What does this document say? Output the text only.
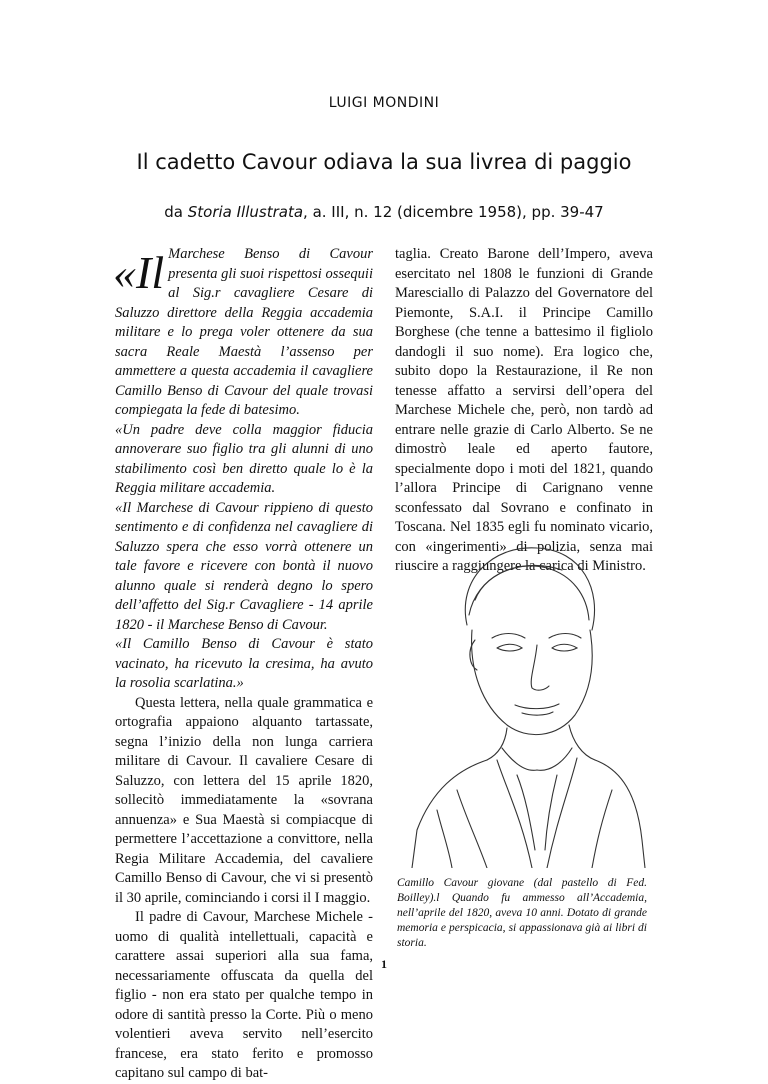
LUIGI MONDINI
Il cadetto Cavour odiava la sua livrea di paggio
da Storia Illustrata, a. III, n. 12 (dicembre 1958), pp. 39-47

«Il Marchese Benso di Cavour presenta gli suoi rispettosi ossequii al Sig.r cavagliere Cesare di Saluzzo direttore della Reggia accademia militare e lo prega voler ottenere da sua sacra Reale Maestà l’assenso per ammettere a questa accademia il cavagliere Camillo Benso di Cavour del quale trovasi compiegata la fede di batesimo.

«Un padre deve colla maggior fiducia annoverare suo figlio tra gli alunni di uno stabilimento così ben diretto quale lo è la Reggia militare accademia.

«Il Marchese di Cavour rippieno di questo sentimento e di confidenza nel cavagliere di Saluzzo spera che esso vorrà ottenere un tale favore e ricevere con bontà il nuovo alunno quale si renderà degno lo spero dell’affetto del Sig.r Cavagliere - 14 aprile 1820 - il Marchese Benso di Cavour.

«Il Camillo Benso di Cavour è stato vacinato, ha ricevuto la cresima, ha avuto la rosolia scarlatina.»

Questa lettera, nella quale grammatica e ortografia appaiono alquanto tartassate, segna l’inizio della non lunga carriera militare di Cavour. Il cavaliere Cesare di Saluzzo, con lettera del 15 aprile 1820, sollecitò immediatamente la «sovrana annuenza» e Sua Maestà si compiacque di permettere l’accettazione a convittore, nella Regia Militare Accademia, del cavaliere Camillo Benso di Cavour, che vi si presentò il 30 aprile, cominciando i corsi il I maggio.

Il padre di Cavour, Marchese Michele - uomo di qualità intellettuali, capacità e carattere assai superiori alla sua fama, necessariamente offuscata da quella del figlio - non era stato per qualche tempo in odore di santità presso la Corte. Più o meno volentieri aveva servito nell’esercito francese, era stato ferito e promosso capitano sul campo di bat-

taglia. Creato Barone dell’Impero, aveva esercitato nel 1808 le funzioni di Grande Maresciallo di Palazzo del Governatore del Piemonte, S.A.I. il Principe Camillo Borghese (che tenne a battesimo il figliolo dandogli il suo nome). Era logico che, subito dopo la Restaurazione, il Re non tenesse affatto a servirsi dell’opera del Marchese Michele che, però, non tardò ad entrare nelle grazie di Carlo Alberto. Se ne dimostrò leale ed aperto fautore, specialmente dopo i moti del 1821, quando l’allora Principe di Carignano venne sconfessato dal Sovrano e confinato in Toscana. Nel 1835 egli fu nominato vicario, con «ingerimenti» di polizia, senza mai riuscire a raggiungere la carica di Ministro.

Camillo Cavour giovane (dal pastello di Fed. Boilley).l Quando fu ammesso all’Accademia, nell’aprile del 1820, aveva 10 anni. Dotato di grande memoria e perspicacia, si appassionava già ai libri di storia.
1
